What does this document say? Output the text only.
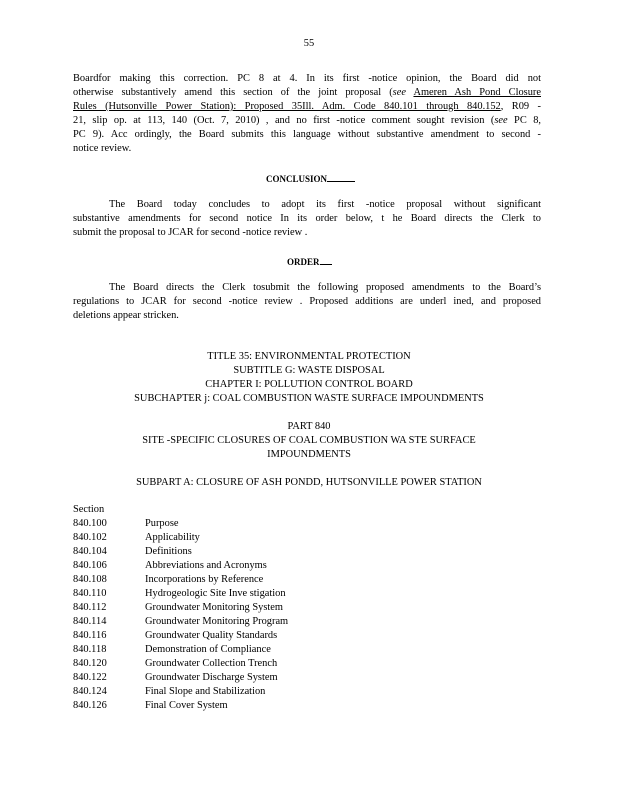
55
Boardfor making this correction. PC 8 at 4. In its first -notice opinion, the Board did not
otherwise substantively amend this section of the joint proposal (see Ameren Ash Pond Closure
Rules (Hutsonville Power Station): Proposed 35Ill. Adm. Code 840.101 through 840.152, R09 -
21, slip op. at 113, 140 (Oct. 7, 2010) , and no first -notice comment sought revision (see PC 8,
PC 9). Acc ordingly, the Board submits this language without substantive amendment to second -
notice review.
CONCLUSION
The Board today concludes to adopt its first -notice proposal without significant
substantive amendments for second notice In its order below, t he Board directs the Clerk to
submit the proposal to JCAR for second -notice review .
ORDER
The Board directs the Clerk tosubmit the following proposed amendments to the Board’s
regulations to JCAR for second -notice review . Proposed additions are underl ined, and proposed
deletions appear stricken.
TITLE 35: ENVIRONMENTAL PROTECTION
SUBTITLE G: WASTE DISPOSAL
CHAPTER I: POLLUTION CONTROL BOARD
SUBCHAPTER j: COAL COMBUSTION WASTE SURFACE IMPOUNDMENTS
PART 840
SITE -SPECIFIC CLOSURES OF COAL COMBUSTION WA STE SURFACE
IMPOUNDMENTS
SUBPART A: CLOSURE OF ASH PONDD, HUTSONVILLE POWER STATION
Section
840.100	Purpose
840.102	Applicability
840.104	Definitions
840.106	Abbreviations and Acronyms
840.108	Incorporations by Reference
840.110	Hydrogeologic Site Inve stigation
840.112	Groundwater Monitoring System
840.114	Groundwater Monitoring Program
840.116	Groundwater Quality Standards
840.118	Demonstration of Compliance
840.120	Groundwater Collection Trench
840.122	Groundwater Discharge System
840.124	Final Slope and Stabilization
840.126	Final Cover System
